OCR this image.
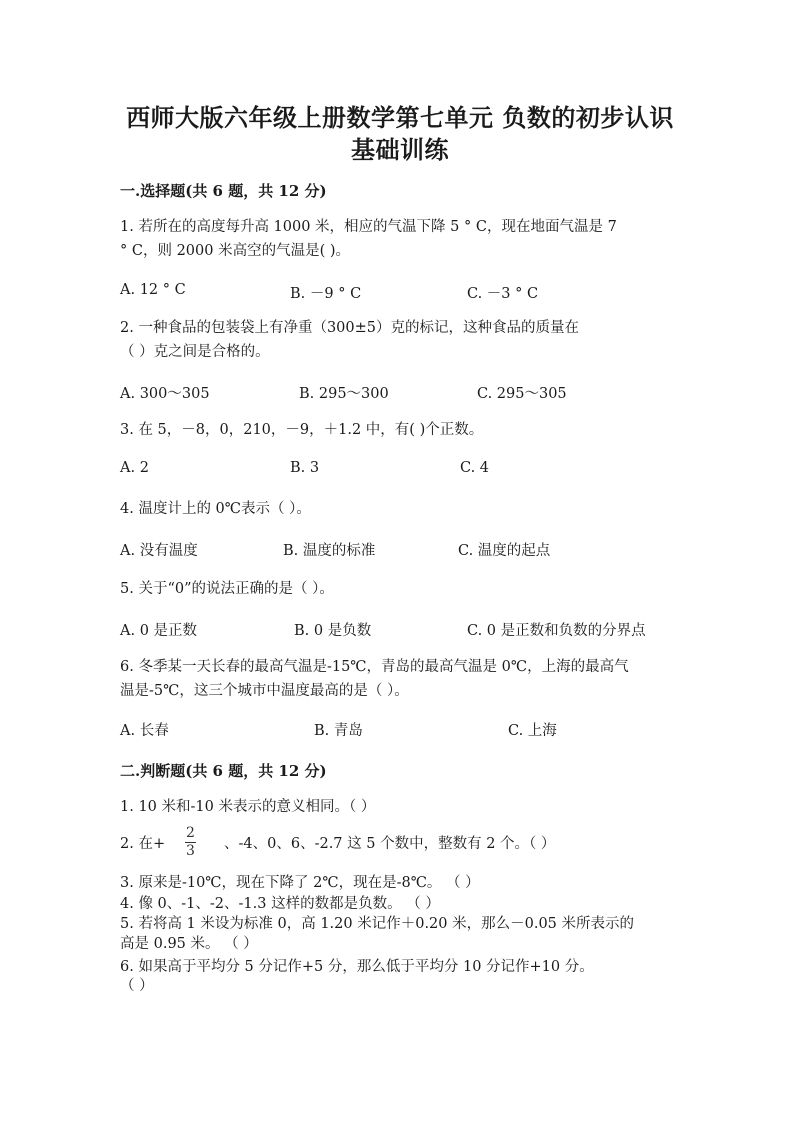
西师大版六年级上册数学第七单元 负数的初步认识
基础训练
一.选择题(共 6 题，共 12 分)
1. 若所在的高度每升高 1000 米，相应的气温下降 5 ° C，现在地面气温是 7
° C，则 2000 米高空的气温是( )。
A. 12 ° C	B. －9 ° C	C. －3 ° C
2. 一种食品的包装袋上有净重（300±5）克的标记，这种食品的质量在
（ ）克之间是合格的。
A. 300～305	B. 295～300	C. 295～305
3. 在 5，－8，0，210，－9，＋1.2 中，有( )个正数。
A. 2	B. 3	C. 4
4. 温度计上的 0℃表示（ ）。
A. 没有温度	B. 温度的标准	C. 温度的起点
5. 关于“0”的说法正确的是（ ）。
A. 0 是正数	B. 0 是负数	C. 0 是正数和负数的分界点
6. 冬季某一天长春的最高气温是-15℃，青岛的最高气温是 0℃，上海的最高气
温是-5℃，这三个城市中温度最高的是（ ）。
A. 长春	B. 青岛	C. 上海
二.判断题(共 6 题，共 12 分)
1. 10 米和-10 米表示的意义相同。（ ）
2. 在+
2
3 、-4、0、6、-2.7 这 5 个数中，整数有 2 个。（ ）
3. 原来是-10℃，现在下降了 2℃，现在是-8℃。 （ ）
4. 像 0、-1、-2、-1.3 这样的数都是负数。 （ ）
5. 若将高 1 米设为标准 0，高 1.20 米记作＋0.20 米，那么－0.05 米所表示的
高是 0.95 米。 （ ）
6. 如果高于平均分 5 分记作+5 分，那么低于平均分 10 分记作+10 分。
（ ）
